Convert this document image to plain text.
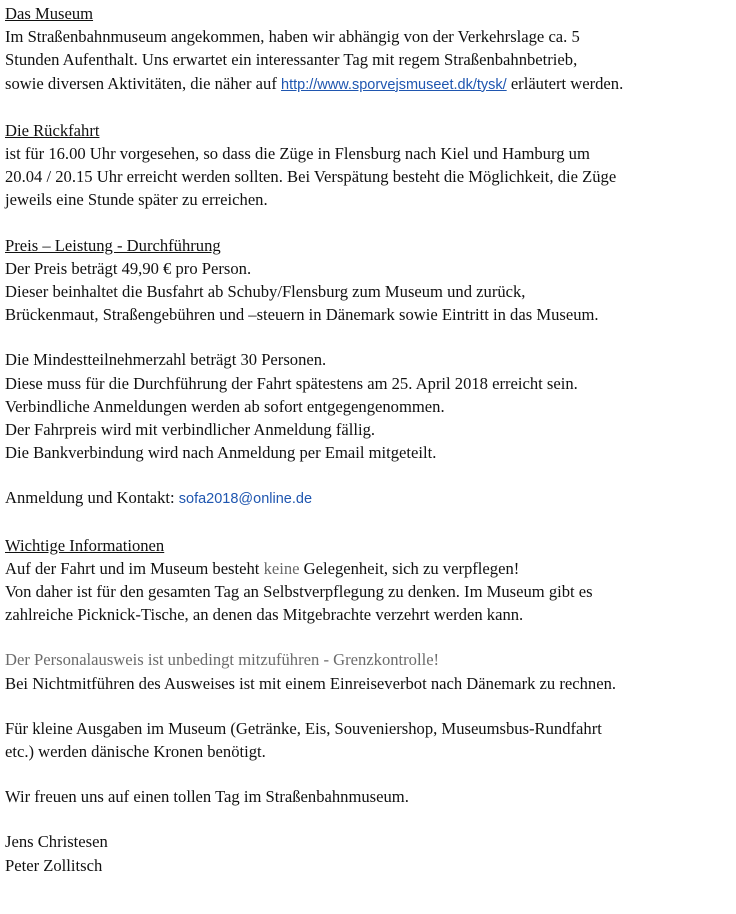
Das Museum
Im Straßenbahnmuseum angekommen, haben wir abhängig von der Verkehrslage ca. 5
Stunden Aufenthalt. Uns erwartet ein interessanter Tag mit regem Straßenbahnbetrieb,
sowie diversen Aktivitäten, die näher auf http://www.sporvejsmuseet.dk/tysk/ erläutert werden.
Die Rückfahrt
ist für 16.00 Uhr vorgesehen, so dass die Züge in Flensburg nach Kiel und Hamburg um
20.04 / 20.15 Uhr erreicht werden sollten. Bei Verspätung besteht die Möglichkeit, die Züge
jeweils eine Stunde später zu erreichen.
Preis – Leistung - Durchführung
Der Preis beträgt 49,90 € pro Person.
Dieser beinhaltet die Busfahrt ab Schuby/Flensburg zum Museum und zurück,
Brückenmaut, Straßengebühren und –steuern in Dänemark sowie Eintritt in das Museum.
Die Mindestteilnehmerzahl beträgt 30 Personen.
Diese muss für die Durchführung der Fahrt spätestens am 25. April 2018 erreicht sein.
Verbindliche Anmeldungen werden ab sofort entgegengenommen.
Der Fahrpreis wird mit verbindlicher Anmeldung fällig.
Die Bankverbindung wird nach Anmeldung per Email mitgeteilt.
Anmeldung und Kontakt: sofa2018@online.de
Wichtige Informationen
Auf der Fahrt und im Museum besteht keine Gelegenheit, sich zu verpflegen!
Von daher ist für den gesamten Tag an Selbstverpflegung zu denken. Im Museum gibt es
zahlreiche Picknick-Tische, an denen das Mitgebrachte verzehrt werden kann.
Der Personalausweis ist unbedingt mitzuführen - Grenzkontrolle!
Bei Nichtmitführen des Ausweises ist mit einem Einreiseverbot nach Dänemark zu rechnen.
Für kleine Ausgaben im Museum (Getränke, Eis, Souveniershop, Museumsbus-Rundfahrt
etc.) werden dänische Kronen benötigt.
Wir freuen uns auf einen tollen Tag im Straßenbahnmuseum.
Jens Christesen
Peter Zollitsch
